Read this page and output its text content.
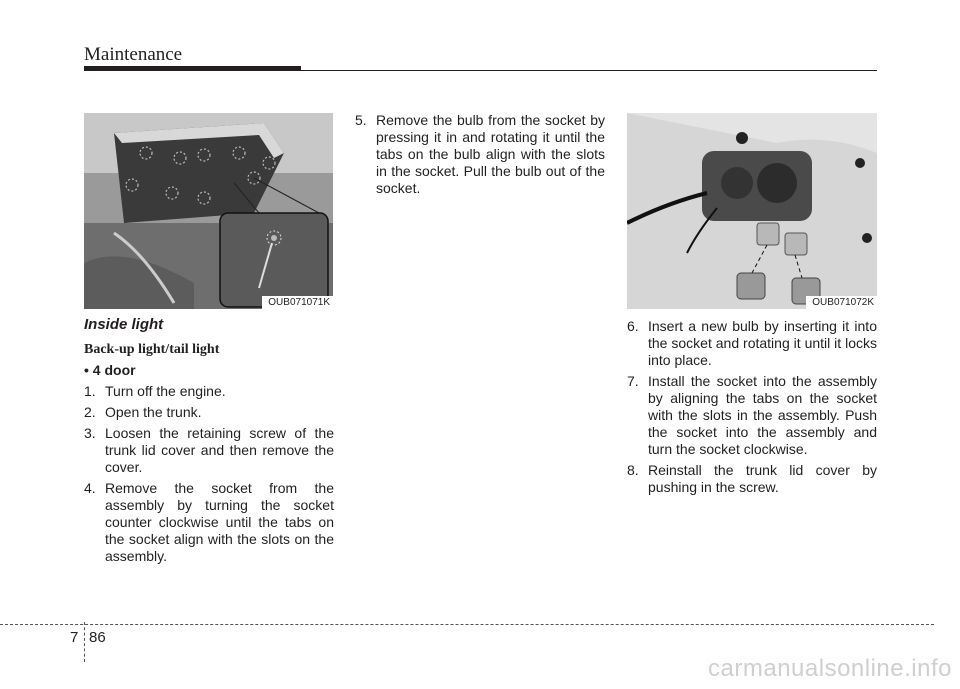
Maintenance
OUB071071K	OUB071072K
Inside light
Back-up light/tail light
• 4 door
1. Turn off the engine.
2. Open the trunk.
3. Loosen the retaining screw of the trunk lid cover and then remove the cover.
4. Remove the socket from the assembly by turning the socket counter clockwise until the tabs on the socket align with the slots on the assembly.
5. Remove the bulb from the socket by pressing it in and rotating it until the tabs on the bulb align with the slots in the socket. Pull the bulb out of the socket.
6. Insert a new bulb by inserting it into the socket and rotating it until it locks into place.
7. Install the socket into the assembly by aligning the tabs on the socket with the slots in the assembly. Push the socket into the assembly and turn the socket clockwise.
8. Reinstall the trunk lid cover by pushing in the screw.
7 86
carmanualsonline.info
